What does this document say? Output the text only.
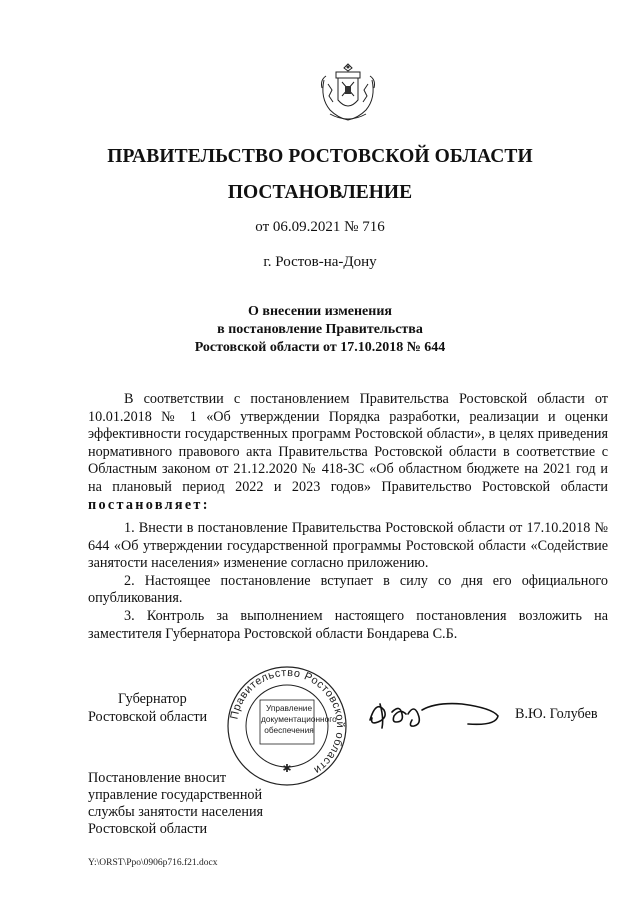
ПРАВИТЕЛЬСТВО РОСТОВСКОЙ ОБЛАСТИ
ПОСТАНОВЛЕНИЕ
от 06.09.2021 № 716
г. Ростов-на-Дону
О внесении изменения
в постановление Правительства
Ростовской области от 17.10.2018 № 644
В соответствии с постановлением Правительства Ростовской области от 10.01.2018 № 1 «Об утверждении Порядка разработки, реализации и оценки эффективности государственных программ Ростовской области», в целях приведения нормативного правового акта Правительства Ростовской области в соответствие с Областным законом от 21.12.2020 № 418-ЗС «Об областном бюджете на 2021 год и на плановый период 2022 и 2023 годов» Правительство Ростовской области постановляет:
1. Внести в постановление Правительства Ростовской области от 17.10.2018 № 644 «Об утверждении государственной программы Ростовской области «Содействие занятости населения» изменение согласно приложению.
2. Настоящее постановление вступает в силу со дня его официального опубликования.
3. Контроль за выполнением настоящего постановления возложить на заместителя Губернатора Ростовской области Бондарева С.Б.
Губернатор
Ростовской области Правительство Ростовской области
✱
Управление
документационного
обеспечения
В.Ю. Голубев
Постановление вносит
управление государственной
службы занятости населения
Ростовской области
Y:\ORST\Ppo\0906p716.f21.docx
